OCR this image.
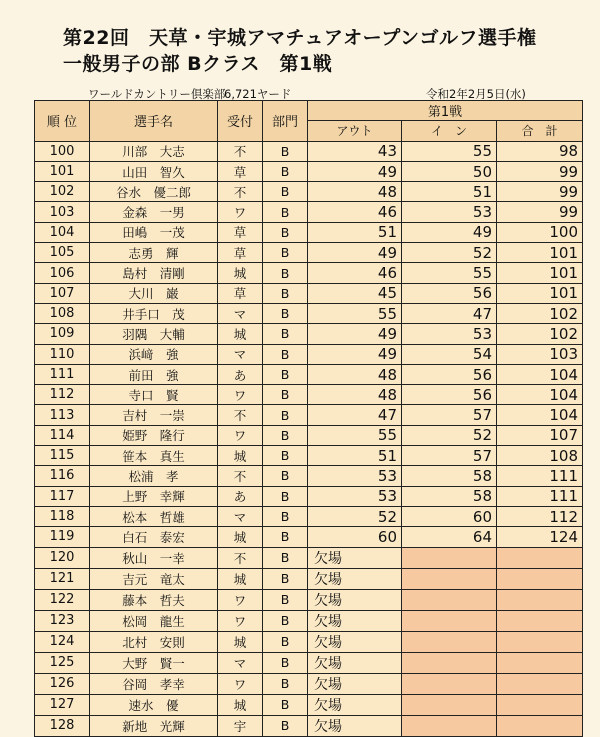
第22回　天草・宇城アマチュアオープンゴルフ選手権
一般男子の部 Bクラス　第1戦
ワールドカントリー倶楽部
6,721ヤード	令和2年2月5日(水)
順 位	選手名	受付	部門	第1戦		
				アウト	イ　ン	合　計
100	川部　大志	不	B	43	55	98
101	山田　智久	草	B	49	50	99
102	谷水　優二郎	不	B	48	51	99
103	金森　一男	ワ	B	46	53	99
104	田嶋　一茂	草	B	51	49	100
105	志勇　輝	草	B	49	52	101
106	島村　清剛	城	B	46	55	101
107	大川　巌	草	B	45	56	101
108	井手口　茂	マ	B	55	47	102
109	羽隅　大輔	城	B	49	53	102
110	浜﨑　強	マ	B	49	54	103
111	前田　強	あ	B	48	56	104
112	寺口　賢	ワ	B	48	56	104
113	吉村　一崇	不	B	47	57	104
114	姫野　隆行	ワ	B	55	52	107
115	笹本　真生	城	B	51	57	108
116	松浦　孝	不	B	53	58	111
117	上野　幸輝	あ	B	53	58	111
118	松本　哲雄	マ	B	52	60	112
119	白石　泰宏	城	B	60	64	124
120	秋山　一幸	不	B	欠場		
121	吉元　竜太	城	B	欠場		
122	藤本　哲夫	ワ	B	欠場		
123	松岡　龍生	ワ	B	欠場		
124	北村　安則	城	B	欠場		
125	大野　賢一	マ	B	欠場		
126	谷岡　孝幸	ワ	B	欠場		
127	速水　優	城	B	欠場		
128	新地　光輝	宇	B	欠場		
